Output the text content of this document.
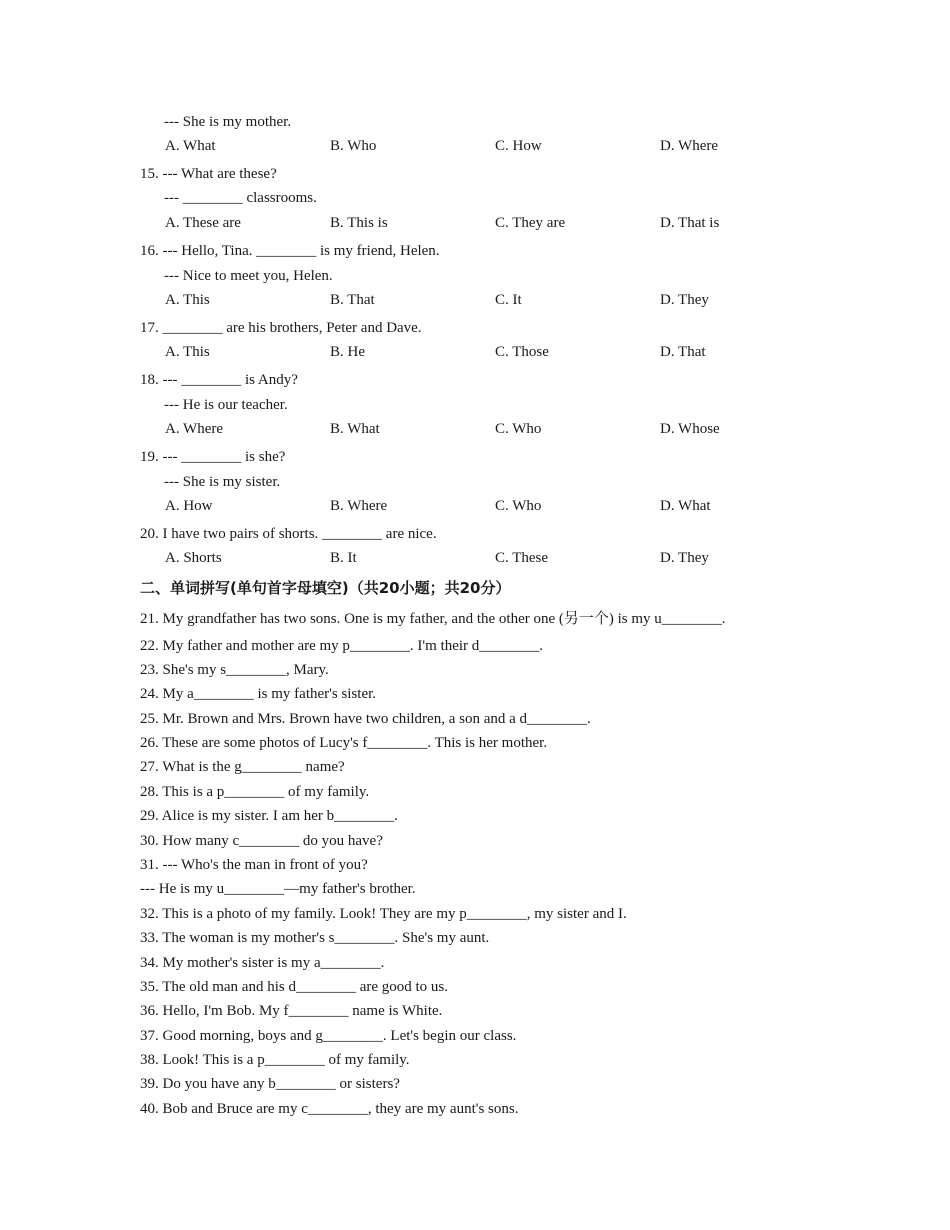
--- She is my mother.
A. What	B. Who	C. How	D. Where
15. --- What are these?
--- ________ classrooms.
A. These are	B. This is	C. They are	D. That is
16. --- Hello, Tina. ________ is my friend, Helen.
--- Nice to meet you, Helen.
A. This	B. That	C. It	D. They
17. ________ are his brothers, Peter and Dave.
A. This	B. He	C. Those	D. That
18. --- ________ is Andy?
--- He is our teacher.
A. Where	B. What	C. Who	D. Whose
19. --- ________ is she?
--- She is my sister.
A. How	B. Where	C. Who	D. What
20. I have two pairs of shorts. ________ are nice.
A. Shorts	B. It	C. These	D. They
二、单词拼写(单句首字母填空)（共20小题；共20分）
21. My grandfather has two sons. One is my father, and the other one (另一个) is my u________.
22. My father and mother are my p________. I'm their d________.
23. She's my s________, Mary.
24. My a________ is my father's sister.
25. Mr. Brown and Mrs. Brown have two children, a son and a d________.
26. These are some photos of Lucy's f________. This is her mother.
27. What is the g________ name?
28. This is a p________ of my family.
29. Alice is my sister. I am her b________.
30. How many c________ do you have?
31. --- Who's the man in front of you?
--- He is my u________—my father's brother.
32. This is a photo of my family. Look! They are my p________, my sister and I.
33. The woman is my mother's s________. She's my aunt.
34. My mother's sister is my a________.
35. The old man and his d________ are good to us.
36. Hello, I'm Bob. My f________ name is White.
37. Good morning, boys and g________. Let's begin our class.
38. Look! This is a p________ of my family.
39. Do you have any b________ or sisters?
40. Bob and Bruce are my c________, they are my aunt's sons.
